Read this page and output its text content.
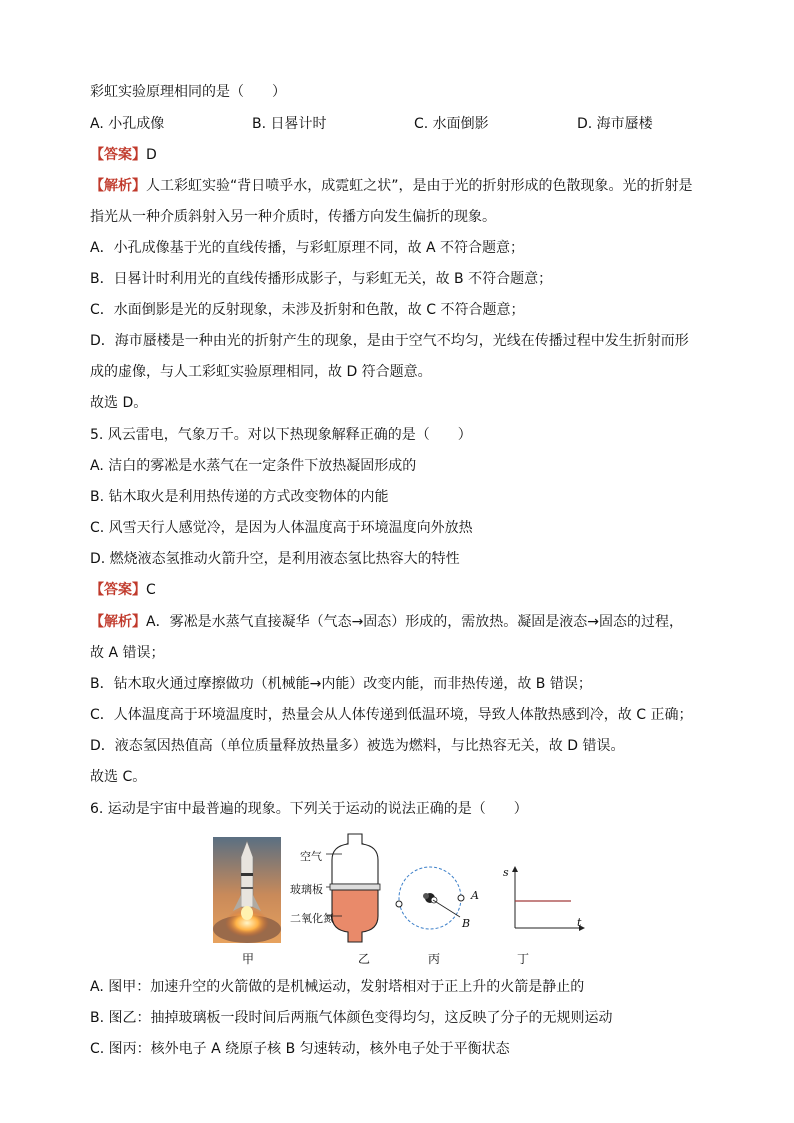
彩虹实验原理相同的是（　　）
A. 小孔成像	B. 日晷计时	C. 水面倒影	D. 海市蜃楼
【答案】D
【解析】人工彩虹实验“背日喷乎水，成霓虹之状”，是由于光的折射形成的色散现象。光的折射是
指光从一种介质斜射入另一种介质时，传播方向发生偏折的现象。
A．小孔成像基于光的直线传播，与彩虹原理不同，故 A 不符合题意；
B．日晷计时利用光的直线传播形成影子，与彩虹无关，故 B 不符合题意；
C．水面倒影是光的反射现象，未涉及折射和色散，故 C 不符合题意；
D．海市蜃楼是一种由光的折射产生的现象，是由于空气不均匀，光线在传播过程中发生折射而形
成的虚像，与人工彩虹实验原理相同，故 D 符合题意。
故选 D。
5. 风云雷电，气象万千。对以下热现象解释正确的是（　　）
A. 洁白的雾凇是水蒸气在一定条件下放热凝固形成的
B. 钻木取火是利用热传递的方式改变物体的内能
C. 风雪天行人感觉冷，是因为人体温度高于环境温度向外放热
D. 燃烧液态氢推动火箭升空，是利用液态氢比热容大的特性
【答案】C
【解析】A．雾凇是水蒸气直接凝华（气态→固态）形成的，需放热。凝固是液态→固态的过程，
故 A 错误；
B．钻木取火通过摩擦做功（机械能→内能）改变内能，而非热传递，故 B 错误；
C．人体温度高于环境温度时，热量会从人体传递到低温环境，导致人体散热感到冷，故 C 正确；
D．液态氢因热值高（单位质量释放热量多）被选为燃料，与比热容无关，故 D 错误。
故选 C。
6. 运动是宇宙中最普遍的现象。下列关于运动的说法正确的是（　　）
甲
空气
玻璃板
二氧化氮
乙
A
B
丙
s
t
丁
A. 图甲：加速升空的火箭做的是机械运动，发射塔相对于正上升的火箭是静止的
B. 图乙：抽掉玻璃板一段时间后两瓶气体颜色变得均匀，这反映了分子的无规则运动
C. 图丙：核外电子 A 绕原子核 B 匀速转动，核外电子处于平衡状态
